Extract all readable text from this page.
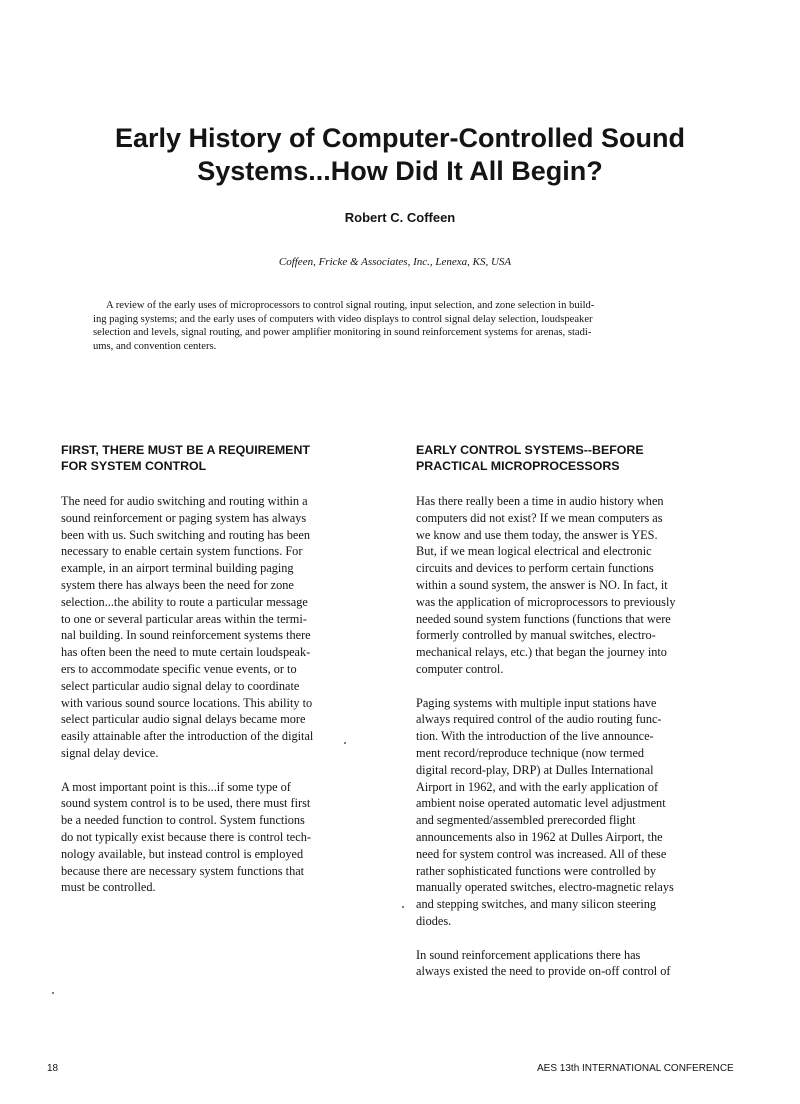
Early History of Computer-Controlled Sound
Systems...How Did It All Begin?
Robert C. Coffeen
Coffeen, Fricke & Associates, Inc., Lenexa, KS, USA

A review of the early uses of microprocessors to control signal routing, input selection, and zone selection in build-
ing paging systems; and the early uses of computers with video displays to control signal delay selection, loudspeaker
selection and levels, signal routing, and power amplifier monitoring in sound reinforcement systems for arenas, stadi-
ums, and convention centers.

FIRST, THERE MUST BE A REQUIREMENT
FOR SYSTEM CONTROL

The need for audio switching and routing within a
sound reinforcement or paging system has always
been with us. Such switching and routing has been
necessary to enable certain system functions. For
example, in an airport terminal building paging
system there has always been the need for zone
selection...the ability to route a particular message
to one or several particular areas within the termi-
nal building. In sound reinforcement systems there
has often been the need to mute certain loudspeak-
ers to accommodate specific venue events, or to
select particular audio signal delay to coordinate
with various sound source locations. This ability to
select particular audio signal delays became more
easily attainable after the introduction of the digital
signal delay device.

A most important point is this...if some type of
sound system control is to be used, there must first
be a needed function to control. System functions
do not typically exist because there is control tech-
nology available, but instead control is employed
because there are necessary system functions that
must be controlled.

EARLY CONTROL SYSTEMS--BEFORE
PRACTICAL MICROPROCESSORS

Has there really been a time in audio history when
computers did not exist? If we mean computers as
we know and use them today, the answer is YES.
But, if we mean logical electrical and electronic
circuits and devices to perform certain functions
within a sound system, the answer is NO. In fact, it
was the application of microprocessors to previously
needed sound system functions (functions that were
formerly controlled by manual switches, electro-
mechanical relays, etc.) that began the journey into
computer control.

Paging systems with multiple input stations have
always required control of the audio routing func-
tion. With the introduction of the live announce-
ment record/reproduce technique (now termed
digital record-play, DRP) at Dulles International
Airport in 1962, and with the early application of
ambient noise operated automatic level adjustment
and segmented/assembled prerecorded flight
announcements also in 1962 at Dulles Airport, the
need for system control was increased. All of these
rather sophisticated functions were controlled by
manually operated switches, electro-magnetic relays
and stepping switches, and many silicon steering
diodes.

In sound reinforcement applications there has
always existed the need to provide on-off control of

18	AES 13th INTERNATIONAL CONFERENCE
